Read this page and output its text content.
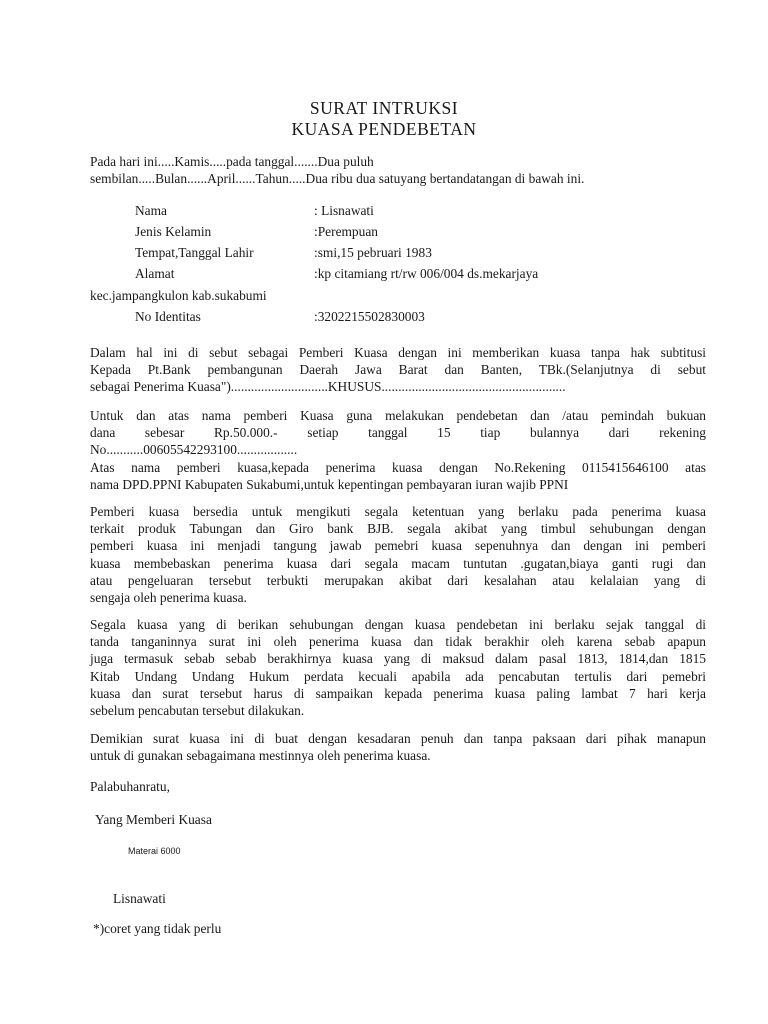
SURAT INTRUKSI
KUASA PENDEBETAN
Pada hari ini.....Kamis.....pada tanggal.......Dua puluh
sembilan.....Bulan......April......Tahun.....Dua ribu dua satuyang bertandatangan di bawah ini.
Nama	: Lisnawati
Jenis Kelamin	:Perempuan
Tempat,Tanggal Lahir	:smi,15 pebruari 1983
Alamat	:kp citamiang rt/rw 006/004 ds.mekarjaya
kec.jampangkulon kab.sukabumi
No Identitas	:3202215502830003
Dalam hal ini di sebut sebagai Pemberi Kuasa dengan ini memberikan kuasa tanpa hak subtitusi
Kepada Pt.Bank pembangunan Daerah Jawa Barat dan Banten, TBk.(Selanjutnya di sebut
sebagai Penerima Kuasa").............................KHUSUS.......................................................
Untuk dan atas nama pemberi Kuasa guna melakukan pendebetan dan /atau pemindah bukuan
dana sebesar Rp.50.000.- setiap tanggal 15 tiap bulannya dari rekening
No...........00605542293100..................
Atas nama pemberi kuasa,kepada penerima kuasa dengan No.Rekening 0115415646100 atas
nama DPD.PPNI Kabupaten Sukabumi,untuk kepentingan pembayaran iuran wajib PPNI
Pemberi kuasa bersedia untuk mengikuti segala ketentuan yang berlaku pada penerima kuasa
terkait produk Tabungan dan Giro bank BJB. segala akibat yang timbul sehubungan dengan
pemberi kuasa ini menjadi tangung jawab pemebri kuasa sepenuhnya dan dengan ini pemberi
kuasa membebaskan penerima kuasa dari segala macam tuntutan .gugatan,biaya ganti rugi dan
atau pengeluaran tersebut terbukti merupakan akibat dari kesalahan atau kelalaian yang di
sengaja oleh penerima kuasa.
Segala kuasa yang di berikan sehubungan dengan kuasa pendebetan ini berlaku sejak tanggal di
tanda tanganinnya surat ini oleh penerima kuasa dan tidak berakhir oleh karena sebab apapun
juga termasuk sebab sebab berakhirnya kuasa yang di maksud dalam pasal 1813, 1814,dan 1815
Kitab Undang Undang Hukum perdata kecuali apabila ada pencabutan tertulis dari pemebri
kuasa dan surat tersebut harus di sampaikan kepada penerima kuasa paling lambat 7 hari kerja
sebelum pencabutan tersebut dilakukan.
Demikian surat kuasa ini di buat dengan kesadaran penuh dan tanpa paksaan dari pihak manapun
untuk di gunakan sebagaimana mestinnya oleh penerima kuasa.
Palabuhanratu,
Yang Memberi Kuasa
Materai 6000
Lisnawati
*)coret yang tidak perlu
